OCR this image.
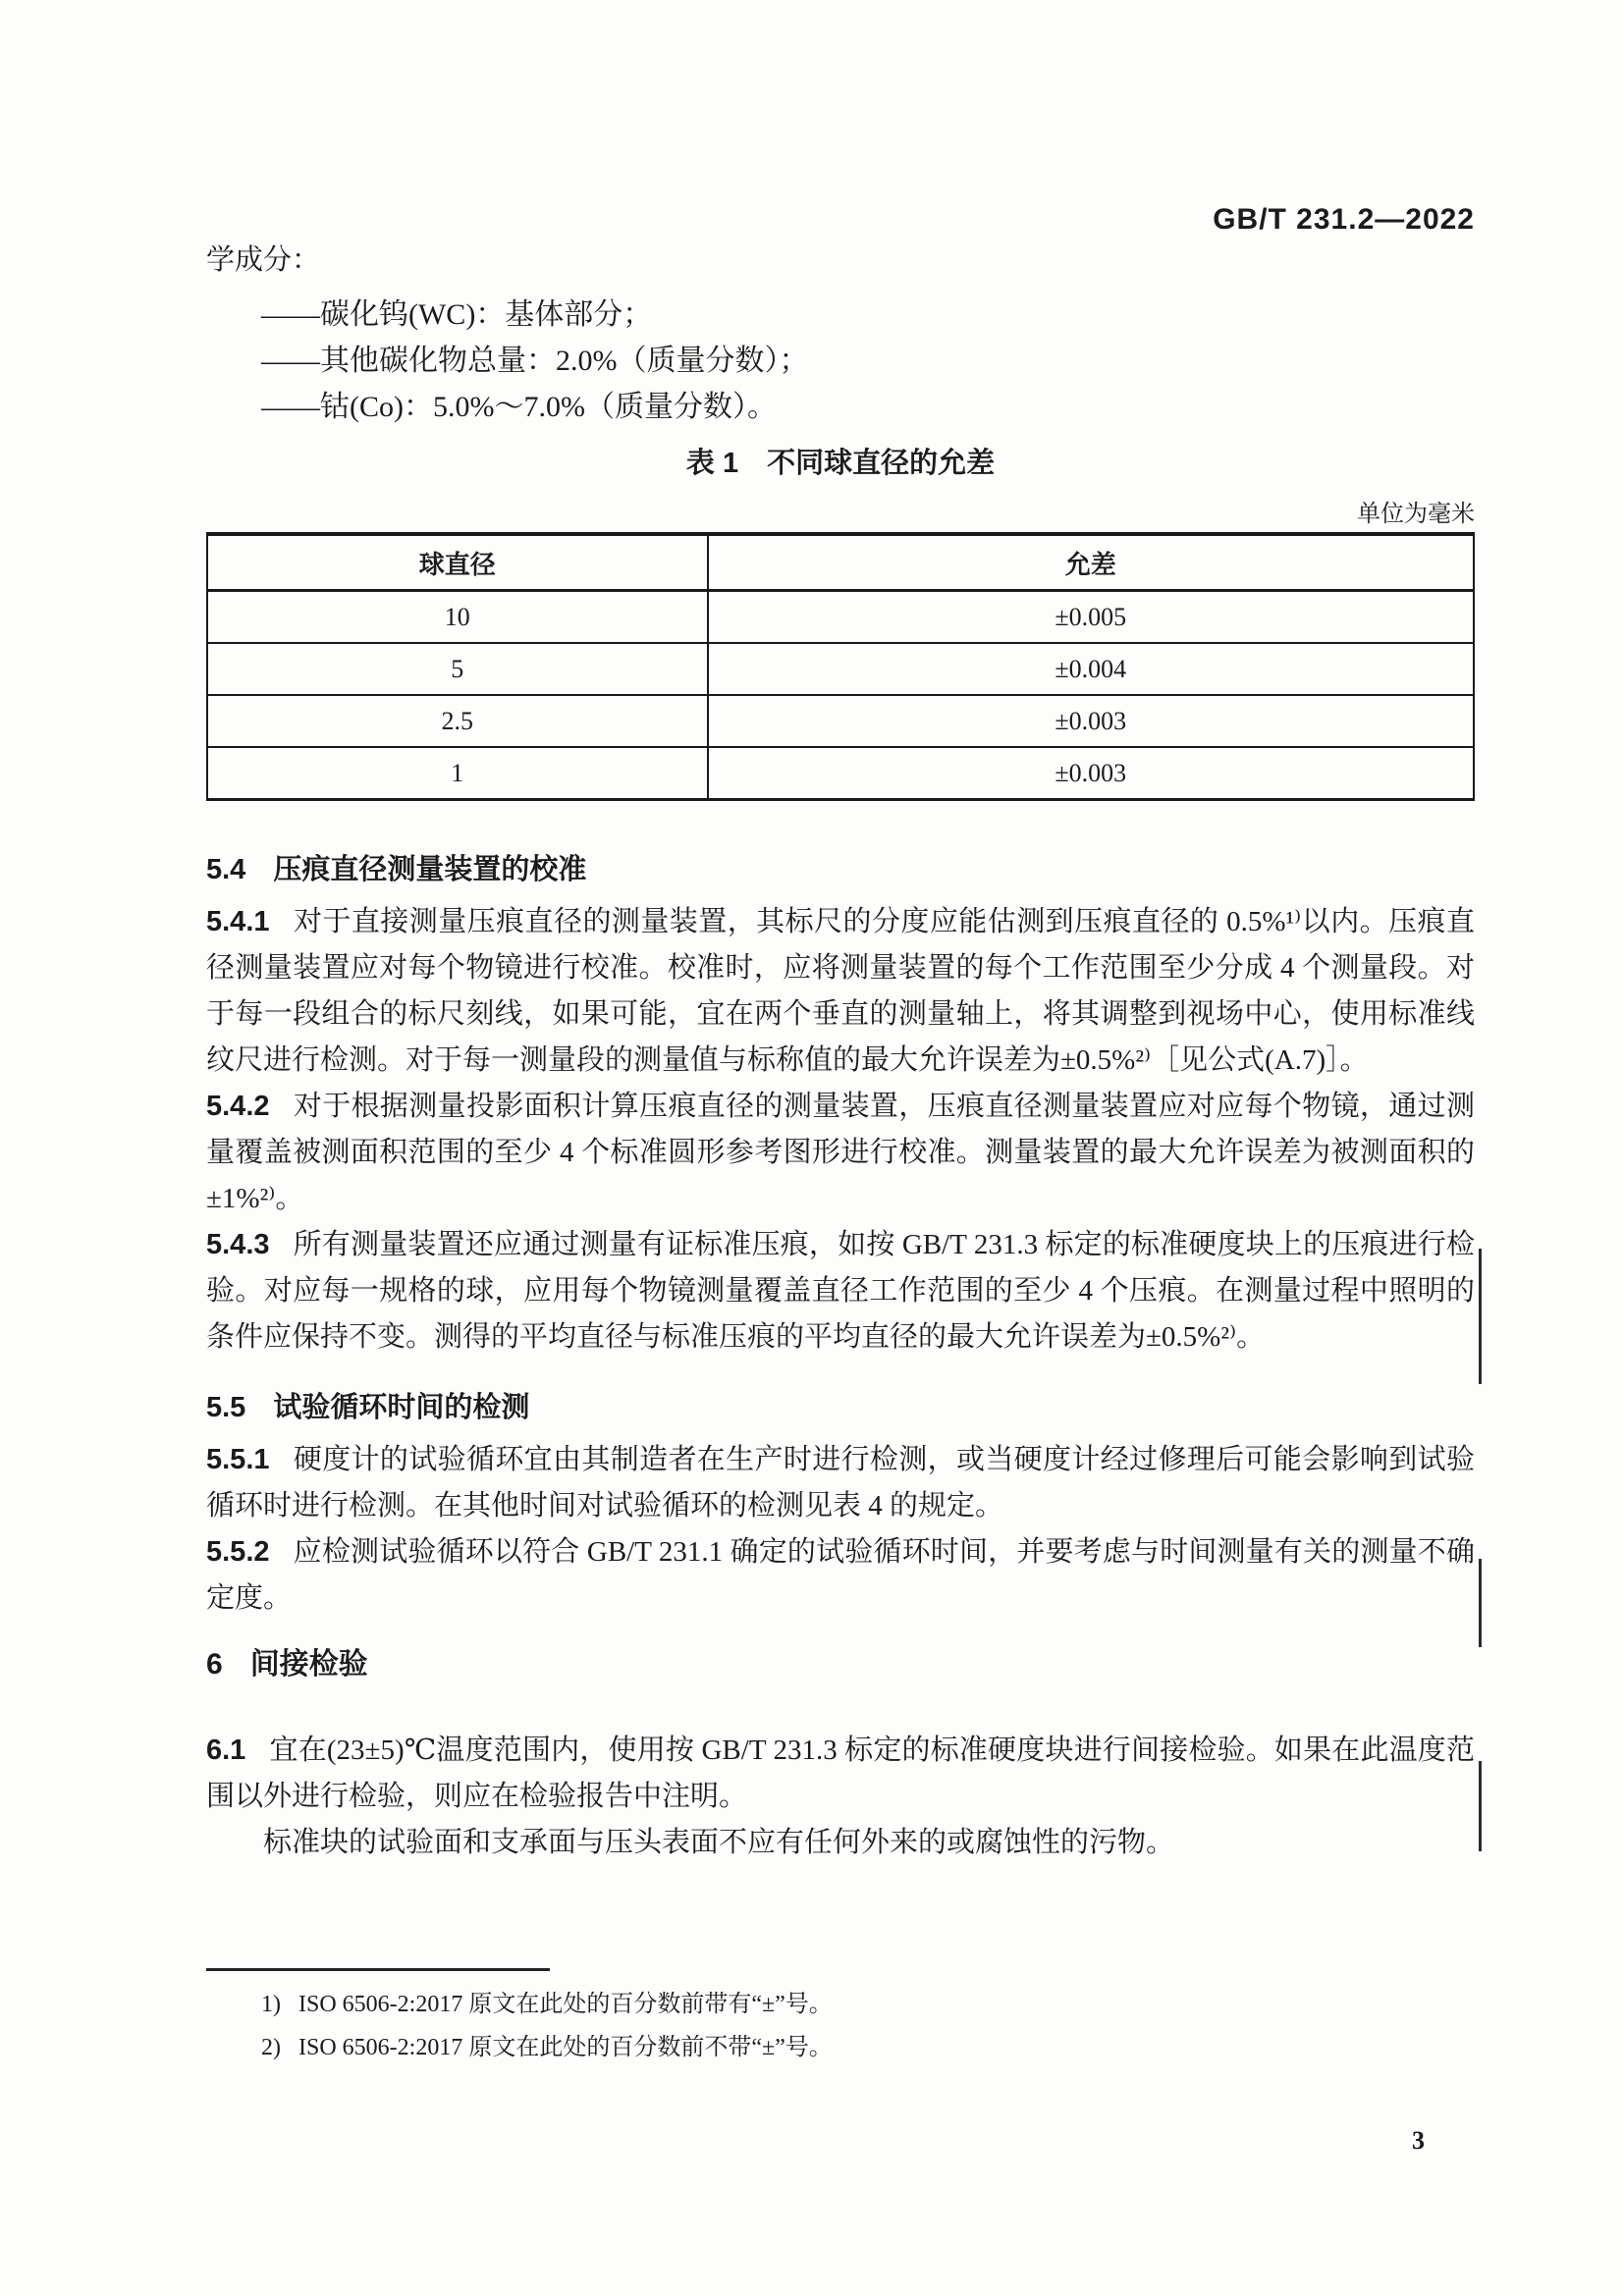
GB/T 231.2—2022

学成分：

——碳化钨(WC)：基体部分；

——其他碳化物总量：2.0%（质量分数）；

——钴(Co)：5.0%～7.0%（质量分数）。

表 1　不同球直径的允差
单位为毫米
球直径	允差
10	±0.005
5	±0.004
2.5	±0.003
1	±0.003
5.4 压痕直径测量装置的校准

5.4.1 对于直接测量压痕直径的测量装置，其标尺的分度应能估测到压痕直径的 0.5%¹⁾以内。压痕直径测量装置应对每个物镜进行校准。校准时，应将测量装置的每个工作范围至少分成 4 个测量段。对于每一段组合的标尺刻线，如果可能，宜在两个垂直的测量轴上，将其调整到视场中心，使用标准线纹尺进行检测。对于每一测量段的测量值与标称值的最大允许误差为±0.5%²⁾［见公式(A.7)］。

5.4.2 对于根据测量投影面积计算压痕直径的测量装置，压痕直径测量装置应对应每个物镜，通过测量覆盖被测面积范围的至少 4 个标准圆形参考图形进行校准。测量装置的最大允许误差为被测面积的±1%²⁾。

5.4.3 所有测量装置还应通过测量有证标准压痕，如按 GB/T 231.3 标定的标准硬度块上的压痕进行检验。对应每一规格的球，应用每个物镜测量覆盖直径工作范围的至少 4 个压痕。在测量过程中照明的条件应保持不变。测得的平均直径与标准压痕的平均直径的最大允许误差为±0.5%²⁾。

5.5 试验循环时间的检测

5.5.1 硬度计的试验循环宜由其制造者在生产时进行检测，或当硬度计经过修理后可能会影响到试验循环时进行检测。在其他时间对试验循环的检测见表 4 的规定。

5.5.2 应检测试验循环以符合 GB/T 231.1 确定的试验循环时间，并要考虑与时间测量有关的测量不确定度。

6 间接检验

6.1 宜在(23±5)℃温度范围内，使用按 GB/T 231.3 标定的标准硬度块进行间接检验。如果在此温度范围以外进行检验，则应在检验报告中注明。

标准块的试验面和支承面与压头表面不应有任何外来的或腐蚀性的污物。

1) ISO 6506-2:2017 原文在此处的百分数前带有“±”号。

2) ISO 6506-2:2017 原文在此处的百分数前不带“±”号。

3
